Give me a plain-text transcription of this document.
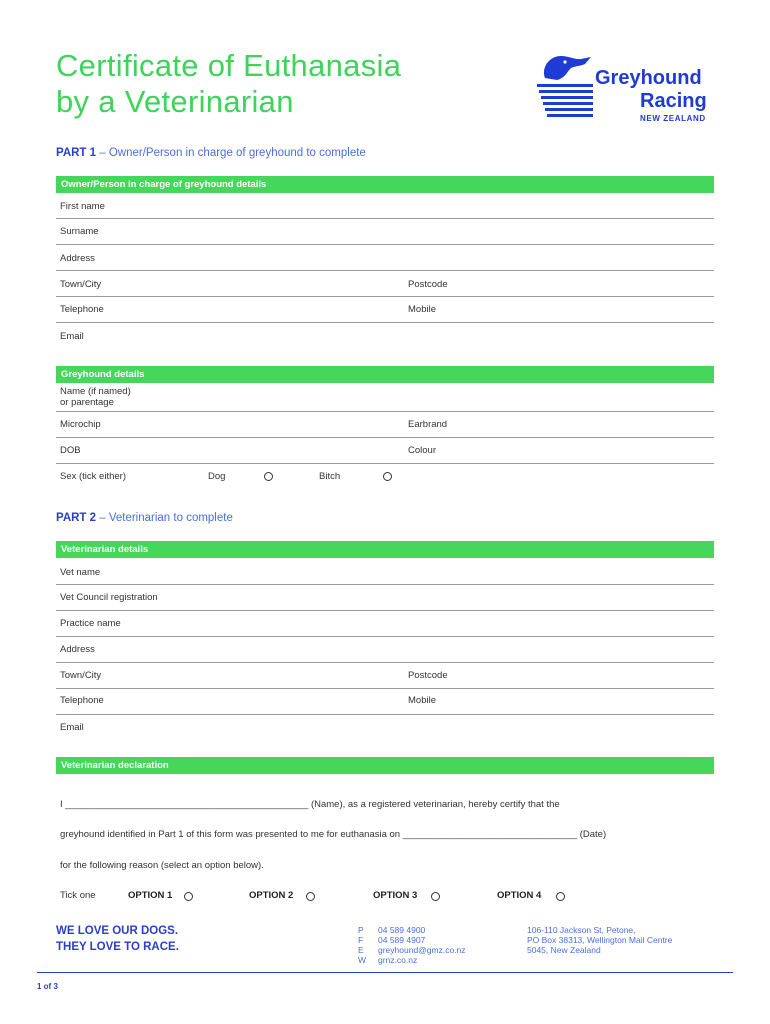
Certificate of Euthanasia
by a Veterinarian
Greyhound
Racing
NEW ZEALAND
PART 1 – Owner/Person in charge of greyhound to complete
Owner/Person in charge of greyhound details
First name
Surname
Address
Town/City	Postcode
Telephone	Mobile
Email
Greyhound details
Name (if named)
or parentage
Microchip	Earbrand
DOB	Colour
Sex (tick either)	Dog	Bitch
PART 2 – Veterinarian to complete
Veterinarian details
Vet name
Vet Council registration
Practice name
Address
Town/City	Postcode
Telephone	Mobile
Email
Veterinarian declaration
I ______________________________________________ (Name), as a registered veterinarian, hereby certify that the
greyhound identified in Part 1 of this form was presented to me for euthanasia on _________________________________ (Date)
for the following reason (select an option below).
Tick one	OPTION 1	OPTION 2	OPTION 3	OPTION 4
WE LOVE OUR DOGS.
THEY LOVE TO RACE.
P
F
E
W
04 589 4900
04 589 4907
greyhound@gmz.co.nz
grnz.co.nz
106-110 Jackson St, Petone,
PO Box 38313, Wellington Mail Centre
5045, New Zealand
1 of 3
